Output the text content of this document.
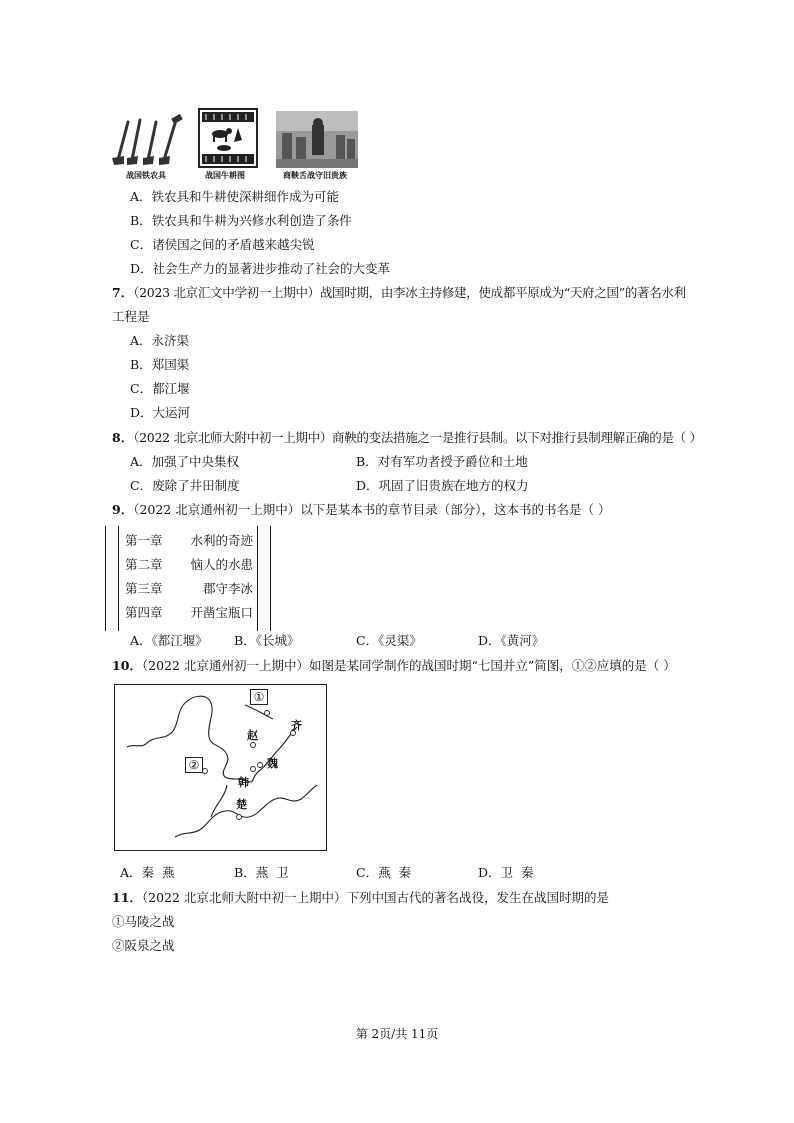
战国铁农具	战国牛耕图	商鞅舌战守旧贵族
A．铁农具和牛耕使深耕细作成为可能
B．铁农具和牛耕为兴修水利创造了条件
C．诸侯国之间的矛盾越来越尖锐
D．社会生产力的显著进步推动了社会的大变革
7．（2023 北京汇文中学初一上期中）战国时期，由李冰主持修建，使成都平原成为“天府之国”的著名水利
工程是
A．永济渠
B．郑国渠
C．都江堰
D．大运河
8．（2022 北京北师大附中初一上期中）商鞅的变法措施之一是推行县制。以下对推行县制理解正确的是（ ）
A．加强了中央集权	B．对有军功者授予爵位和土地
C．废除了井田制度	D．巩固了旧贵族在地方的权力
9．（2022 北京通州初一上期中）以下是某本书的章节目录（部分），这本书的书名是（ ）
第一章 水利的奇迹
第二章 恼人的水患
第三章	郡守李冰
第四章 开凿宝瓶口
A．《都江堰》 B．《长城》	C．《灵渠》	D．《黄河》
10．（2022 北京通州初一上期中）如图是某同学制作的战国时期“七国并立”简图，①②应填的是（ ）
①
②
齐
赵
魏
韩
楚
A．秦  燕	B．燕  卫	C．燕  秦	D．卫  秦
11．（2022 北京北师大附中初一上期中）下列中国古代的著名战役，发生在战国时期的是
①马陵之战
②阪泉之战
第 2页/共 11页
